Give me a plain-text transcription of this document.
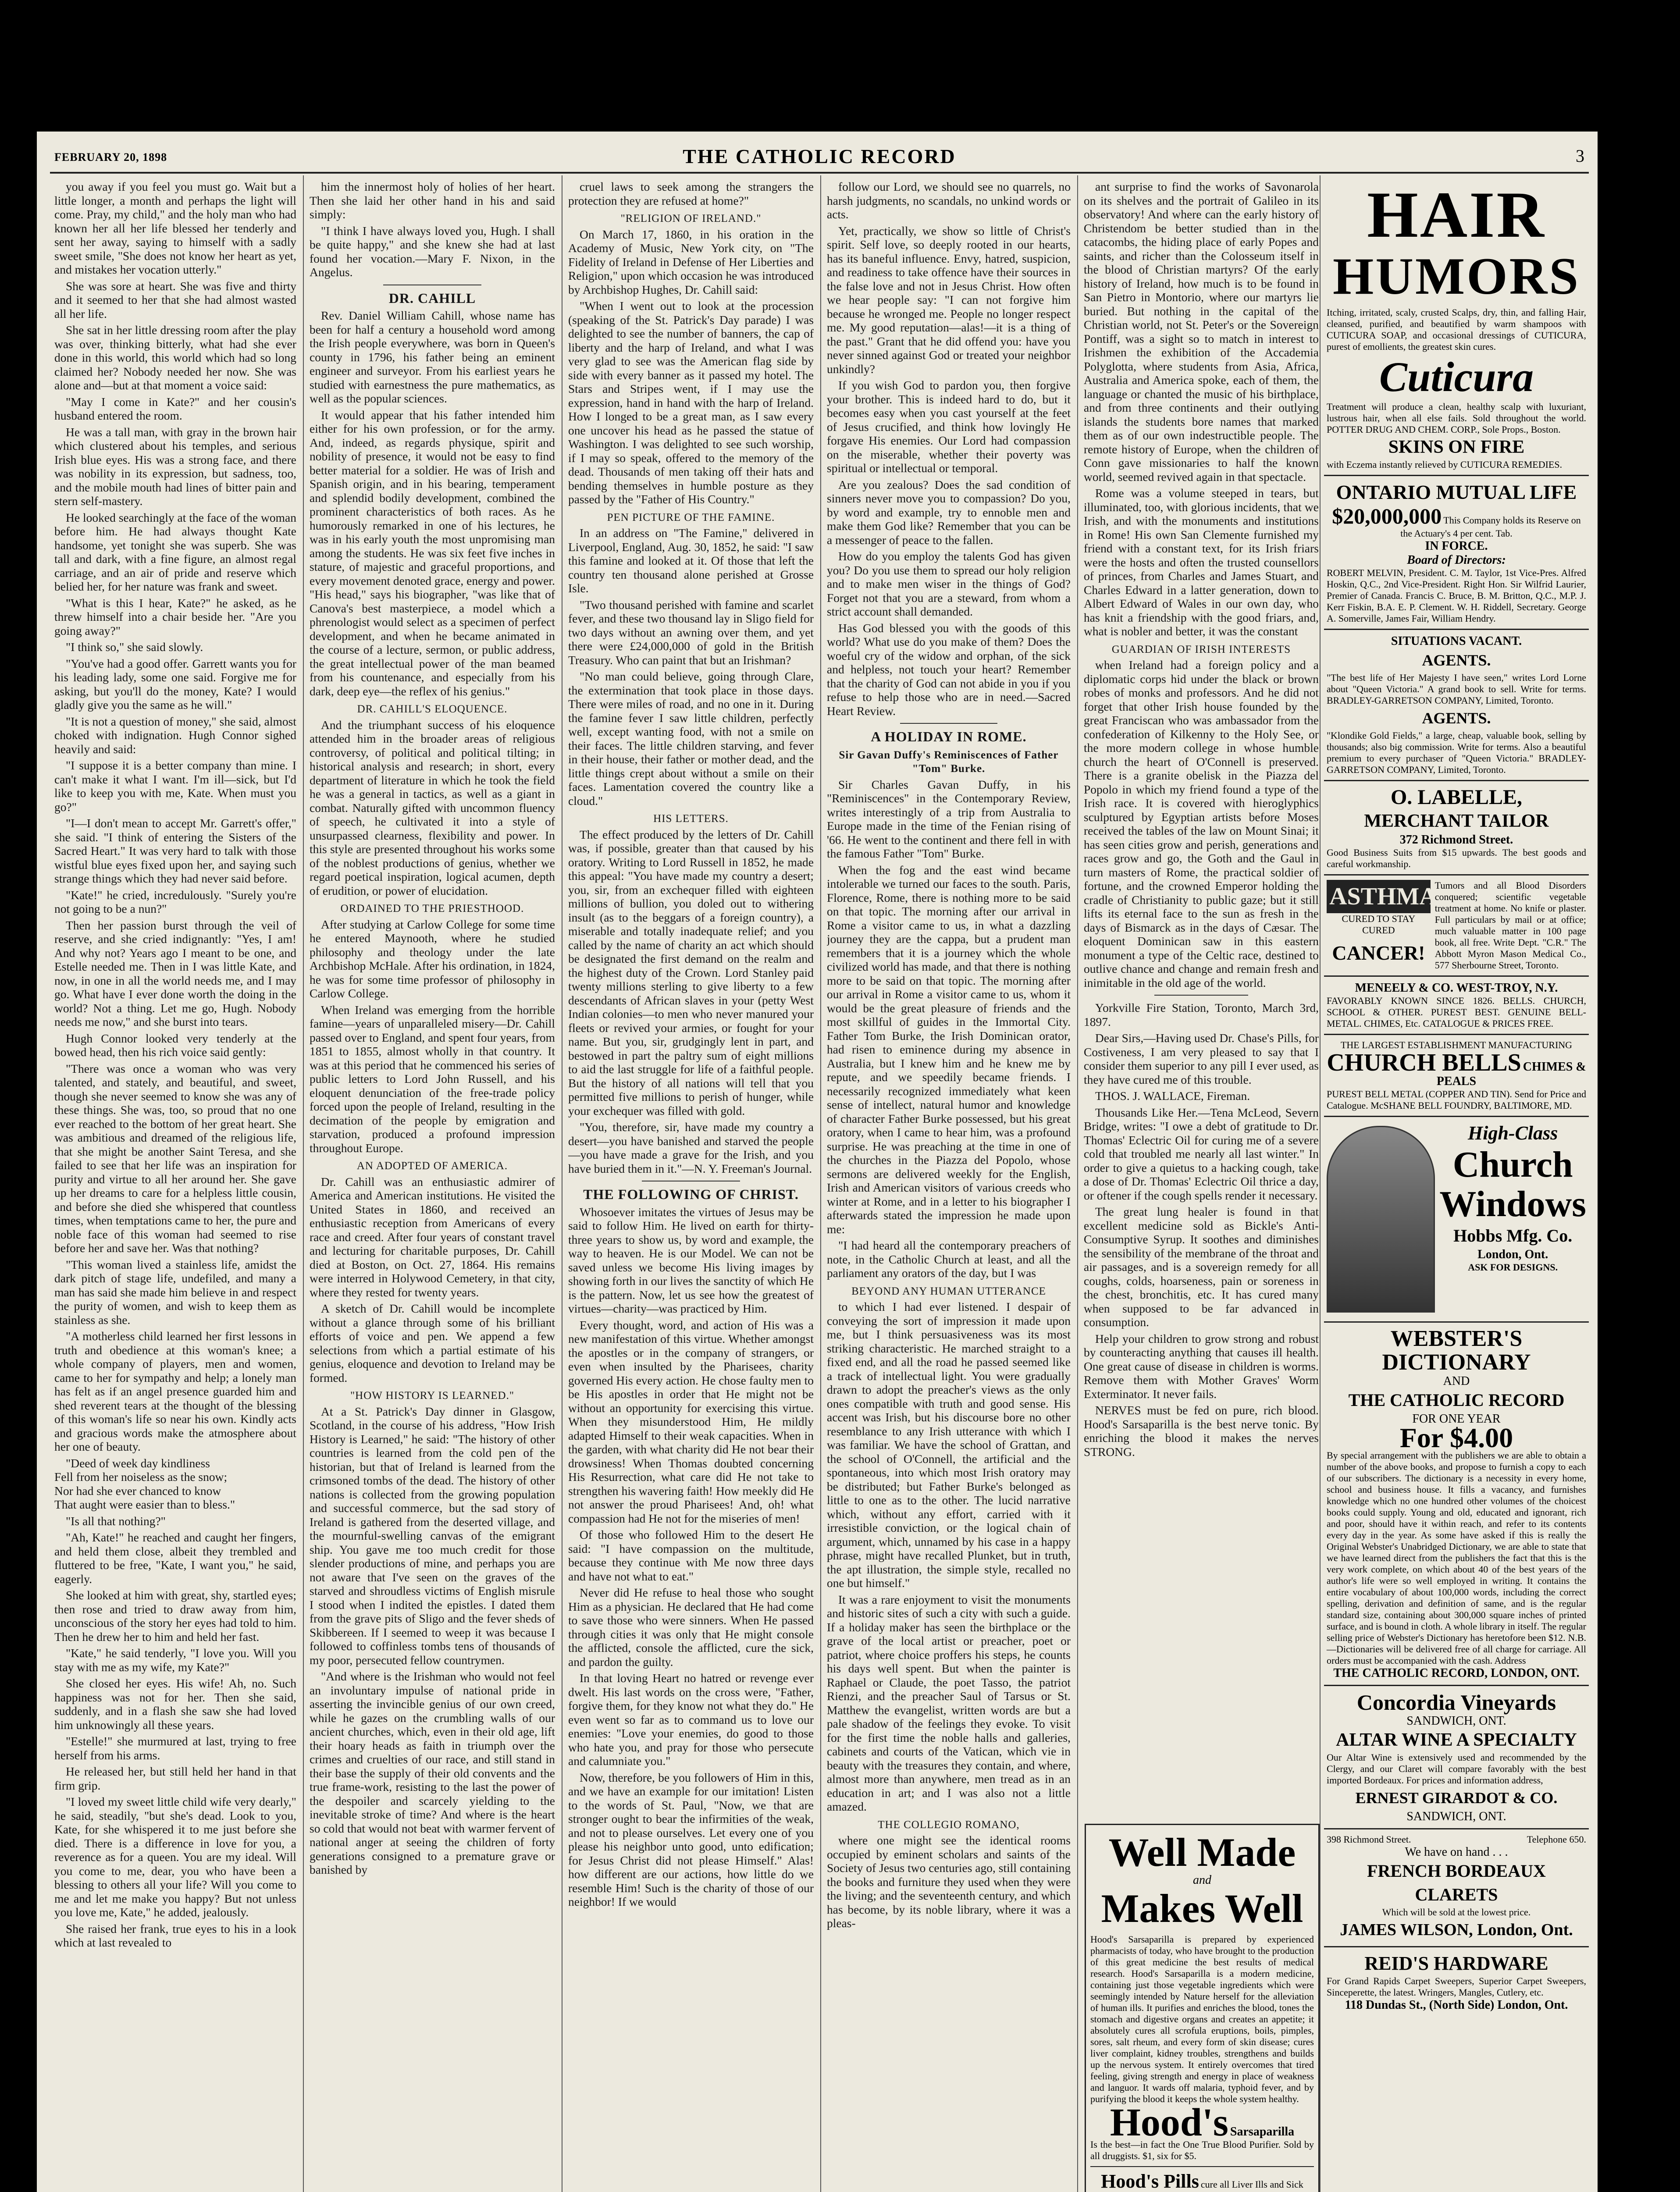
FEBRUARY 20, 1898	THE CATHOLIC RECORD	3

you away if you feel you must go. Wait but a little longer, a month and perhaps the light will come. Pray, my child," and the holy man who had known her all her life blessed her tenderly and sent her away, saying to himself with a sadly sweet smile, "She does not know her heart as yet, and mistakes her vocation utterly."

She was sore at heart. She was five and thirty and it seemed to her that she had almost wasted all her life.

She sat in her little dressing room after the play was over, thinking bitterly, what had she ever done in this world, this world which had so long claimed her? Nobody needed her now. She was alone and—but at that moment a voice said:

"May I come in Kate?" and her cousin's husband entered the room.

He was a tall man, with gray in the brown hair which clustered about his temples, and serious Irish blue eyes. His was a strong face, and there was nobility in its expression, but sadness, too, and the mobile mouth had lines of bitter pain and stern self-mastery.

He looked searchingly at the face of the woman before him. He had always thought Kate handsome, yet tonight she was superb. She was tall and dark, with a fine figure, an almost regal carriage, and an air of pride and reserve which belied her, for her nature was frank and sweet.

"What is this I hear, Kate?" he asked, as he threw himself into a chair beside her. "Are you going away?"

"I think so," she said slowly.

"You've had a good offer. Garrett wants you for his leading lady, some one said. Forgive me for asking, but you'll do the money, Kate? I would gladly give you the same as he will."

"It is not a question of money," she said, almost choked with indignation. Hugh Connor sighed heavily and said:

"I suppose it is a better company than mine. I can't make it what I want. I'm ill—sick, but I'd like to keep you with me, Kate. When must you go?"

"I—I don't mean to accept Mr. Garrett's offer," she said. "I think of entering the Sisters of the Sacred Heart." It was very hard to talk with those wistful blue eyes fixed upon her, and saying such strange things which they had never said before.

"Kate!" he cried, incredulously. "Surely you're not going to be a nun?"

Then her passion burst through the veil of reserve, and she cried indignantly: "Yes, I am! And why not? Years ago I meant to be one, and Estelle needed me. Then in I was little Kate, and now, in one in all the world needs me, and I may go. What have I ever done worth the doing in the world? Not a thing. Let me go, Hugh. Nobody needs me now," and she burst into tears.

Hugh Connor looked very tenderly at the bowed head, then his rich voice said gently:

"There was once a woman who was very talented, and stately, and beautiful, and sweet, though she never seemed to know she was any of these things. She was, too, so proud that no one ever reached to the bottom of her great heart. She was ambitious and dreamed of the religious life, that she might be another Saint Teresa, and she failed to see that her life was an inspiration for purity and virtue to all her around her. She gave up her dreams to care for a helpless little cousin, and before she died she whispered that countless times, when temptations came to her, the pure and noble face of this woman had seemed to rise before her and save her. Was that nothing?

"This woman lived a stainless life, amidst the dark pitch of stage life, undefiled, and many a man has said she made him believe in and respect the purity of women, and wish to keep them as stainless as she.

"A motherless child learned her first lessons in truth and obedience at this woman's knee; a whole company of players, men and women, came to her for sympathy and help; a lonely man has felt as if an angel presence guarded him and shed reverent tears at the thought of the blessing of this woman's life so near his own. Kindly acts and gracious words make the atmosphere about her one of beauty.

"Deed of week day kindliness
Fell from her noiseless as the snow;
Nor had she ever chanced to know
That aught were easier than to bless."

"Is all that nothing?"

"Ah, Kate!" he reached and caught her fingers, and held them close, albeit they trembled and fluttered to be free, "Kate, I want you," he said, eagerly.

She looked at him with great, shy, startled eyes; then rose and tried to draw away from him, unconscious of the story her eyes had told to him. Then he drew her to him and held her fast.

"Kate," he said tenderly, "I love you. Will you stay with me as my wife, my Kate?"

She closed her eyes. His wife! Ah, no. Such happiness was not for her. Then she said, suddenly, and in a flash she saw she had loved him unknowingly all these years.

"Estelle!" she murmured at last, trying to free herself from his arms.

He released her, but still held her hand in that firm grip.

"I loved my sweet little child wife very dearly," he said, steadily, "but she's dead. Look to you, Kate, for she whispered it to me just before she died. There is a difference in love for you, a reverence as for a queen. You are my ideal. Will you come to me, dear, you who have been a blessing to others all your life? Will you come to me and let me make you happy? But not unless you love me, Kate," he added, jealously.

She raised her frank, true eyes to his in a look which at last revealed to

him the innermost holy of holies of her heart. Then she laid her other hand in his and said simply:

"I think I have always loved you, Hugh. I shall be quite happy," and she knew she had at last found her vocation.—Mary F. Nixon, in the Angelus.

DR. CAHILL

Rev. Daniel William Cahill, whose name has been for half a century a household word among the Irish people everywhere, was born in Queen's county in 1796, his father being an eminent engineer and surveyor. From his earliest years he studied with earnestness the pure mathematics, as well as the popular sciences.

It would appear that his father intended him either for his own profession, or for the army. And, indeed, as regards physique, spirit and nobility of presence, it would not be easy to find better material for a soldier. He was of Irish and Spanish origin, and in his bearing, temperament and splendid bodily development, combined the prominent characteristics of both races. As he humorously remarked in one of his lectures, he was in his early youth the most unpromising man among the students. He was six feet five inches in stature, of majestic and graceful proportions, and every movement denoted grace, energy and power. "His head," says his biographer, "was like that of Canova's best masterpiece, a model which a phrenologist would select as a specimen of perfect development, and when he became animated in the course of a lecture, sermon, or public address, the great intellectual power of the man beamed from his countenance, and especially from his dark, deep eye—the reflex of his genius."

DR. CAHILL'S ELOQUENCE.

And the triumphant success of his eloquence attended him in the broader areas of religious controversy, of political and political tilting; in historical analysis and research; in short, every department of literature in which he took the field he was a general in tactics, as well as a giant in combat. Naturally gifted with uncommon fluency of speech, he cultivated it into a style of unsurpassed clearness, flexibility and power. In this style are presented throughout his works some of the noblest productions of genius, whether we regard poetical inspiration, logical acumen, depth of erudition, or power of elucidation.

ORDAINED TO THE PRIESTHOOD.

After studying at Carlow College for some time he entered Maynooth, where he studied philosophy and theology under the late Archbishop McHale. After his ordination, in 1824, he was for some time professor of philosophy in Carlow College.

When Ireland was emerging from the horrible famine—years of unparalleled misery—Dr. Cahill passed over to England, and spent four years, from 1851 to 1855, almost wholly in that country. It was at this period that he commenced his series of public letters to Lord John Russell, and his eloquent denunciation of the free-trade policy forced upon the people of Ireland, resulting in the decimation of the people by emigration and starvation, produced a profound impression throughout Europe.

AN ADOPTED OF AMERICA.

Dr. Cahill was an enthusiastic admirer of America and American institutions. He visited the United States in 1860, and received an enthusiastic reception from Americans of every race and creed. After four years of constant travel and lecturing for charitable purposes, Dr. Cahill died at Boston, on Oct. 27, 1864. His remains were interred in Holywood Cemetery, in that city, where they rested for twenty years.

A sketch of Dr. Cahill would be incomplete without a glance through some of his brilliant efforts of voice and pen. We append a few selections from which a partial estimate of his genius, eloquence and devotion to Ireland may be formed.

"HOW HISTORY IS LEARNED."

At a St. Patrick's Day dinner in Glasgow, Scotland, in the course of his address, "How Irish History is Learned," he said: "The history of other countries is learned from the cold pen of the historian, but that of Ireland is learned from the crimsoned tombs of the dead. The history of other nations is collected from the growing population and successful commerce, but the sad story of Ireland is gathered from the deserted village, and the mournful-swelling canvas of the emigrant ship. You gave me too much credit for those slender productions of mine, and perhaps you are not aware that I've seen on the graves of the starved and shroudless victims of English misrule I stood when I indited the epistles. I dated them from the grave pits of Sligo and the fever sheds of Skibbereen. If I seemed to weep it was because I followed to coffinless tombs tens of thousands of my poor, persecuted fellow countrymen.

"And where is the Irishman who would not feel an involuntary impulse of national pride in asserting the invincible genius of our own creed, while he gazes on the crumbling walls of our ancient churches, which, even in their old age, lift their hoary heads as faith in triumph over the crimes and cruelties of our race, and still stand in their base the supply of their old convents and the true frame-work, resisting to the last the power of the despoiler and scarcely yielding to the inevitable stroke of time? And where is the heart so cold that would not beat with warmer fervent of national anger at seeing the children of forty generations consigned to a premature grave or banished by

cruel laws to seek among the strangers the protection they are refused at home?"

"RELIGION OF IRELAND."

On March 17, 1860, in his oration in the Academy of Music, New York city, on "The Fidelity of Ireland in Defense of Her Liberties and Religion," upon which occasion he was introduced by Archbishop Hughes, Dr. Cahill said:

"When I went out to look at the procession (speaking of the St. Patrick's Day parade) I was delighted to see the number of banners, the cap of liberty and the harp of Ireland, and what I was very glad to see was the American flag side by side with every banner as it passed my hotel. The Stars and Stripes went, if I may use the expression, hand in hand with the harp of Ireland. How I longed to be a great man, as I saw every one uncover his head as he passed the statue of Washington. I was delighted to see such worship, if I may so speak, offered to the memory of the dead. Thousands of men taking off their hats and bending themselves in humble posture as they passed by the "Father of His Country."

PEN PICTURE OF THE FAMINE.

In an address on "The Famine," delivered in Liverpool, England, Aug. 30, 1852, he said: "I saw this famine and looked at it. Of those that left the country ten thousand alone perished at Grosse Isle.

"Two thousand perished with famine and scarlet fever, and these two thousand lay in Sligo field for two days without an awning over them, and yet there were £24,000,000 of gold in the British Treasury. Who can paint that but an Irishman?

"No man could believe, going through Clare, the extermination that took place in those days. There were miles of road, and no one in it. During the famine fever I saw little children, perfectly well, except wanting food, with not a smile on their faces. The little children starving, and fever in their house, their father or mother dead, and the little things crept about without a smile on their faces. Lamentation covered the country like a cloud."

HIS LETTERS.

The effect produced by the letters of Dr. Cahill was, if possible, greater than that caused by his oratory. Writing to Lord Russell in 1852, he made this appeal: "You have made my country a desert; you, sir, from an exchequer filled with eighteen millions of bullion, you doled out to withering insult (as to the beggars of a foreign country), a miserable and totally inadequate relief; and you called by the name of charity an act which should be designated the first demand on the realm and the highest duty of the Crown. Lord Stanley paid twenty millions sterling to give liberty to a few descendants of African slaves in your (petty West Indian colonies—to men who never manured your fleets or revived your armies, or fought for your name. But you, sir, grudgingly lent in part, and bestowed in part the paltry sum of eight millions to aid the last struggle for life of a faithful people. But the history of all nations will tell that you permitted five millions to perish of hunger, while your exchequer was filled with gold.

"You, therefore, sir, have made my country a desert—you have banished and starved the people—you have made a grave for the Irish, and you have buried them in it."—N. Y. Freeman's Journal.

THE FOLLOWING OF CHRIST.

Whosoever imitates the virtues of Jesus may be said to follow Him. He lived on earth for thirty-three years to show us, by word and example, the way to heaven. He is our Model. We can not be saved unless we become His living images by showing forth in our lives the sanctity of which He is the pattern. Now, let us see how the greatest of virtues—charity—was practiced by Him.

Every thought, word, and action of His was a new manifestation of this virtue. Whether amongst the apostles or in the company of strangers, or even when insulted by the Pharisees, charity governed His every action. He chose faulty men to be His apostles in order that He might not be without an opportunity for exercising this virtue. When they misunderstood Him, He mildly adapted Himself to their weak capacities. When in the garden, with what charity did He not bear their drowsiness! When Thomas doubted concerning His Resurrection, what care did He not take to strengthen his wavering faith! How meekly did He not answer the proud Pharisees! And, oh! what compassion had He not for the miseries of men!

Of those who followed Him to the desert He said: "I have compassion on the multitude, because they continue with Me now three days and have not what to eat."

Never did He refuse to heal those who sought Him as a physician. He declared that He had come to save those who were sinners. When He passed through cities it was only that He might console the afflicted, console the afflicted, cure the sick, and pardon the guilty.

In that loving Heart no hatred or revenge ever dwelt. His last words on the cross were, "Father, forgive them, for they know not what they do." He even went so far as to command us to love our enemies: "Love your enemies, do good to those who hate you, and pray for those who persecute and calumniate you."

Now, therefore, be you followers of Him in this, and we have an example for our imitation! Listen to the words of St. Paul, "Now, we that are stronger ought to bear the infirmities of the weak, and not to please ourselves. Let every one of you please his neighbor unto good, unto edification; for Jesus Christ did not please Himself." Alas! how different are our actions, how little do we resemble Him! Such is the charity of those of our neighbor! If we would

follow our Lord, we should see no quarrels, no harsh judgments, no scandals, no unkind words or acts.

Yet, practically, we show so little of Christ's spirit. Self love, so deeply rooted in our hearts, has its baneful influence. Envy, hatred, suspicion, and readiness to take offence have their sources in the false love and not in Jesus Christ. How often we hear people say: "I can not forgive him because he wronged me. People no longer respect me. My good reputation—alas!—it is a thing of the past." Grant that he did offend you: have you never sinned against God or treated your neighbor unkindly?

If you wish God to pardon you, then forgive your brother. This is indeed hard to do, but it becomes easy when you cast yourself at the feet of Jesus crucified, and think how lovingly He forgave His enemies. Our Lord had compassion on the miserable, whether their poverty was spiritual or intellectual or temporal.

Are you zealous? Does the sad condition of sinners never move you to compassion? Do you, by word and example, try to ennoble men and make them God like? Remember that you can be a messenger of peace to the fallen.

How do you employ the talents God has given you? Do you use them to spread our holy religion and to make men wiser in the things of God? Forget not that you are a steward, from whom a strict account shall demanded.

Has God blessed you with the goods of this world? What use do you make of them? Does the woeful cry of the widow and orphan, of the sick and helpless, not touch your heart? Remember that the charity of God can not abide in you if you refuse to help those who are in need.—Sacred Heart Review.

A HOLIDAY IN ROME.
Sir Gavan Duffy's Reminiscences of Father "Tom" Burke.

Sir Charles Gavan Duffy, in his "Reminiscences" in the Contemporary Review, writes interestingly of a trip from Australia to Europe made in the time of the Fenian rising of '66. He went to the continent and there fell in with the famous Father "Tom" Burke.

When the fog and the east wind became intolerable we turned our faces to the south. Paris, Florence, Rome, there is nothing more to be said on that topic. The morning after our arrival in Rome a visitor came to us, in what a dazzling journey they are the cappa, but a prudent man remembers that it is a journey which the whole civilized world has made, and that there is nothing more to be said on that topic. The morning after our arrival in Rome a visitor came to us, whom it would be the great pleasure of friends and the most skillful of guides in the Immortal City. Father Tom Burke, the Irish Dominican orator, had risen to eminence during my absence in Australia, but I knew him and he knew me by repute, and we speedily became friends. I necessarily recognized immediately what keen sense of intellect, natural humor and knowledge of character Father Burke possessed, but his great oratory, when I came to hear him, was a profound surprise. He was preaching at the time in one of the churches in the Piazza del Popolo, whose sermons are delivered weekly for the English, Irish and American visitors of various creeds who winter at Rome, and in a letter to his biographer I afterwards stated the impression he made upon me:

"I had heard all the contemporary preachers of note, in the Catholic Church at least, and all the parliament any orators of the day, but I was

BEYOND ANY HUMAN UTTERANCE

to which I had ever listened. I despair of conveying the sort of impression it made upon me, but I think persuasiveness was its most striking characteristic. He marched straight to a fixed end, and all the road he passed seemed like a track of intellectual light. You were gradually drawn to adopt the preacher's views as the only ones compatible with truth and good sense. His accent was Irish, but his discourse bore no other resemblance to any Irish utterance with which I was familiar. We have the school of Grattan, and the school of O'Connell, the artificial and the spontaneous, into which most Irish oratory may be distributed; but Father Burke's belonged as little to one as to the other. The lucid narrative which, without any effort, carried with it irresistible conviction, or the logical chain of argument, which, unnamed by his case in a happy phrase, might have recalled Plunket, but in truth, the apt illustration, the simple style, recalled no one but himself."

It was a rare enjoyment to visit the monuments and historic sites of such a city with such a guide. If a holiday maker has seen the birthplace or the grave of the local artist or preacher, poet or patriot, where choice proffers his steps, he counts his days well spent. But when the painter is Raphael or Claude, the poet Tasso, the patriot Rienzi, and the preacher Saul of Tarsus or St. Matthew the evangelist, written words are but a pale shadow of the feelings they evoke. To visit for the first time the noble halls and galleries, cabinets and courts of the Vatican, which vie in beauty with the treasures they contain, and where, almost more than anywhere, men tread as in an education in art; and I was also not a little amazed.

THE COLLEGIO ROMANO,

where one might see the identical rooms occupied by eminent scholars and saints of the Society of Jesus two centuries ago, still containing the books and furniture they used when they were the living; and the seventeenth century, and which has become, by its noble library, where it was a pleas-

ant surprise to find the works of Savonarola on its shelves and the portrait of Galileo in its observatory! And where can the early history of Christendom be better studied than in the catacombs, the hiding place of early Popes and saints, and richer than the Colosseum itself in the blood of Christian martyrs? Of the early history of Ireland, how much is to be found in San Pietro in Montorio, where our martyrs lie buried. But nothing in the capital of the Christian world, not St. Peter's or the Sovereign Pontiff, was a sight so to match in interest to Irishmen the exhibition of the Accademia Polyglotta, where students from Asia, Africa, Australia and America spoke, each of them, the language or chanted the music of his birthplace, and from three continents and their outlying islands the students bore names that marked them as of our own indestructible people. The remote history of Europe, when the children of Conn gave missionaries to half the known world, seemed revived again in that spectacle.

Rome was a volume steeped in tears, but illuminated, too, with glorious incidents, that we Irish, and with the monuments and institutions in Rome! His own San Clemente furnished my friend with a constant text, for its Irish friars were the hosts and often the trusted counsellors of princes, from Charles and James Stuart, and Charles Edward in a latter generation, down to Albert Edward of Wales in our own day, who has knit a friendship with the good friars, and, what is nobler and better, it was the constant

GUARDIAN OF IRISH INTERESTS

when Ireland had a foreign policy and a diplomatic corps hid under the black or brown robes of monks and professors. And he did not forget that other Irish house founded by the great Franciscan who was ambassador from the confederation of Kilkenny to the Holy See, or the more modern college in whose humble church the heart of O'Connell is preserved. There is a granite obelisk in the Piazza del Popolo in which my friend found a type of the Irish race. It is covered with hieroglyphics sculptured by Egyptian artists before Moses received the tables of the law on Mount Sinai; it has seen cities grow and perish, generations and races grow and go, the Goth and the Gaul in turn masters of Rome, the practical soldier of fortune, and the crowned Emperor holding the cradle of Christianity to public gaze; but it still lifts its eternal face to the sun as fresh in the days of Bismarck as in the days of Cæsar. The eloquent Dominican saw in this eastern monument a type of the Celtic race, destined to outlive chance and change and remain fresh and inimitable in the old age of the world.

Yorkville Fire Station, Toronto, March 3rd, 1897.

Dear Sirs,—Having used Dr. Chase's Pills, for Costiveness, I am very pleased to say that I consider them superior to any pill I ever used, as they have cured me of this trouble.

THOS. J. WALLACE, Fireman.

Thousands Like Her.—Tena McLeod, Severn Bridge, writes: "I owe a debt of gratitude to Dr. Thomas' Eclectric Oil for curing me of a severe cold that troubled me nearly all last winter." In order to give a quietus to a hacking cough, take a dose of Dr. Thomas' Eclectric Oil thrice a day, or oftener if the cough spells render it necessary.

The great lung healer is found in that excellent medicine sold as Bickle's Anti-Consumptive Syrup. It soothes and diminishes the sensibility of the membrane of the throat and air passages, and is a sovereign remedy for all coughs, colds, hoarseness, pain or soreness in the chest, bronchitis, etc. It has cured many when supposed to be far advanced in consumption.

Help your children to grow strong and robust by counteracting anything that causes ill health. One great cause of disease in children is worms. Remove them with Mother Graves' Worm Exterminator. It never fails.

NERVES must be fed on pure, rich blood. Hood's Sarsaparilla is the best nerve tonic. By enriching the blood it makes the nerves STRONG.

Well Made
and
Makes Well
Hood's Sarsaparilla is prepared by experienced pharmacists of today, who have brought to the production of this great medicine the best results of medical research. Hood's Sarsaparilla is a modern medicine, containing just those vegetable ingredients which were seemingly intended by Nature herself for the alleviation of human ills. It purifies and enriches the blood, tones the stomach and digestive organs and creates an appetite; it absolutely cures all scrofula eruptions, boils, pimples, sores, salt rheum, and every form of skin disease; cures liver complaint, kidney troubles, strengthens and builds up the nervous system. It entirely overcomes that tired feeling, giving strength and energy in place of weakness and languor. It wards off malaria, typhoid fever, and by purifying the blood it keeps the whole system healthy.
Hood's Sarsaparilla
Is the best—in fact the One True Blood Purifier. Sold by all druggists. $1, six for $5.
Hood's Pills cure all Liver Ills and Sick
HAIR
HUMORS
Itching, irritated, scaly, crusted Scalps, dry, thin, and falling Hair, cleansed, purified, and beautified by warm shampoos with CUTICURA SOAP, and occasional dressings of CUTICURA, purest of emollients, the greatest skin cures.
Cuticura
Treatment will produce a clean, healthy scalp with luxuriant, lustrous hair, when all else fails. Sold throughout the world. POTTER DRUG AND CHEM. CORP., Sole Props., Boston.
SKINS ON FIRE
with Eczema instantly relieved by CUTICURA REMEDIES.
ONTARIO MUTUAL LIFE
$20,000,000 This Company holds its Reserve on the Actuary's 4 per cent. Tab.
IN FORCE.
Board of Directors:
ROBERT MELVIN, President. C. M. Taylor, 1st Vice-Pres. Alfred Hoskin, Q.C., 2nd Vice-President. Right Hon. Sir Wilfrid Laurier, Premier of Canada. Francis C. Bruce, B. M. Britton, Q.C., M.P. J. Kerr Fiskin, B.A. E. P. Clement. W. H. Riddell, Secretary. George A. Somerville, James Fair, William Hendry.
SITUATIONS VACANT.
AGENTS.
"The best life of Her Majesty I have seen," writes Lord Lorne about "Queen Victoria." A grand book to sell. Write for terms. BRADLEY-GARRETSON COMPANY, Limited, Toronto.
AGENTS.
"Klondike Gold Fields," a large, cheap, valuable book, selling by thousands; also big commission. Write for terms. Also a beautiful premium to every purchaser of "Queen Victoria." BRADLEY-GARRETSON COMPANY, Limited, Toronto.
O. LABELLE,
MERCHANT TAILOR
372 Richmond Street.
Good Business Suits from $15 upwards. The best goods and careful workmanship.
ASTHMA
CURED TO STAY CURED
CANCER!
Tumors and all Blood Disorders conquered; scientific vegetable treatment at home. No knife or plaster. Full particulars by mail or at office; much valuable matter in 100 page book, all free. Write Dept. "C.R." The Abbott Myron Mason Medical Co., 577 Sherbourne Street, Toronto.
MENEELY & CO. WEST-TROY, N.Y.
FAVORABLY KNOWN SINCE 1826. BELLS. CHURCH, SCHOOL & OTHER. PUREST BEST. GENUINE BELL-METAL. CHIMES, Etc. CATALOGUE & PRICES FREE.
THE LARGEST ESTABLISHMENT MANUFACTURING
CHURCH BELLS CHIMES & PEALS
PUREST BELL METAL (COPPER AND TIN). Send for Price and Catalogue. McSHANE BELL FOUNDRY, BALTIMORE, MD.
High-Class
Church
Windows
Hobbs Mfg. Co.
London, Ont.
ASK FOR DESIGNS.
WEBSTER'S DICTIONARY
AND
THE CATHOLIC RECORD
FOR ONE YEAR
For $4.00
By special arrangement with the publishers we are able to obtain a number of the above books, and propose to furnish a copy to each of our subscribers. The dictionary is a necessity in every home, school and business house. It fills a vacancy, and furnishes knowledge which no one hundred other volumes of the choicest books could supply. Young and old, educated and ignorant, rich and poor, should have it within reach, and refer to its contents every day in the year. As some have asked if this is really the Original Webster's Unabridged Dictionary, we are able to state that we have learned direct from the publishers the fact that this is the very work complete, on which about 40 of the best years of the author's life were so well employed in writing. It contains the entire vocabulary of about 100,000 words, including the correct spelling, derivation and definition of same, and is the regular standard size, containing about 300,000 square inches of printed surface, and is bound in cloth. A whole library in itself. The regular selling price of Webster's Dictionary has heretofore been $12. N.B.—Dictionaries will be delivered free of all charge for carriage. All orders must be accompanied with the cash. Address
THE CATHOLIC RECORD, LONDON, ONT.
Concordia Vineyards
SANDWICH, ONT.
ALTAR WINE A SPECIALTY
Our Altar Wine is extensively used and recommended by the Clergy, and our Claret will compare favorably with the best imported Bordeaux. For prices and information address,
ERNEST GIRARDOT & CO.
SANDWICH, ONT.
398 Richmond Street.	Telephone 650.
We have on hand . . .
FRENCH BORDEAUX CLARETS
Which will be sold at the lowest price.
JAMES WILSON, London, Ont.
REID'S HARDWARE
For Grand Rapids Carpet Sweepers, Superior Carpet Sweepers, Sinceperette, the latest. Wringers, Mangles, Cutlery, etc.
118 Dundas St., (North Side) London, Ont.
